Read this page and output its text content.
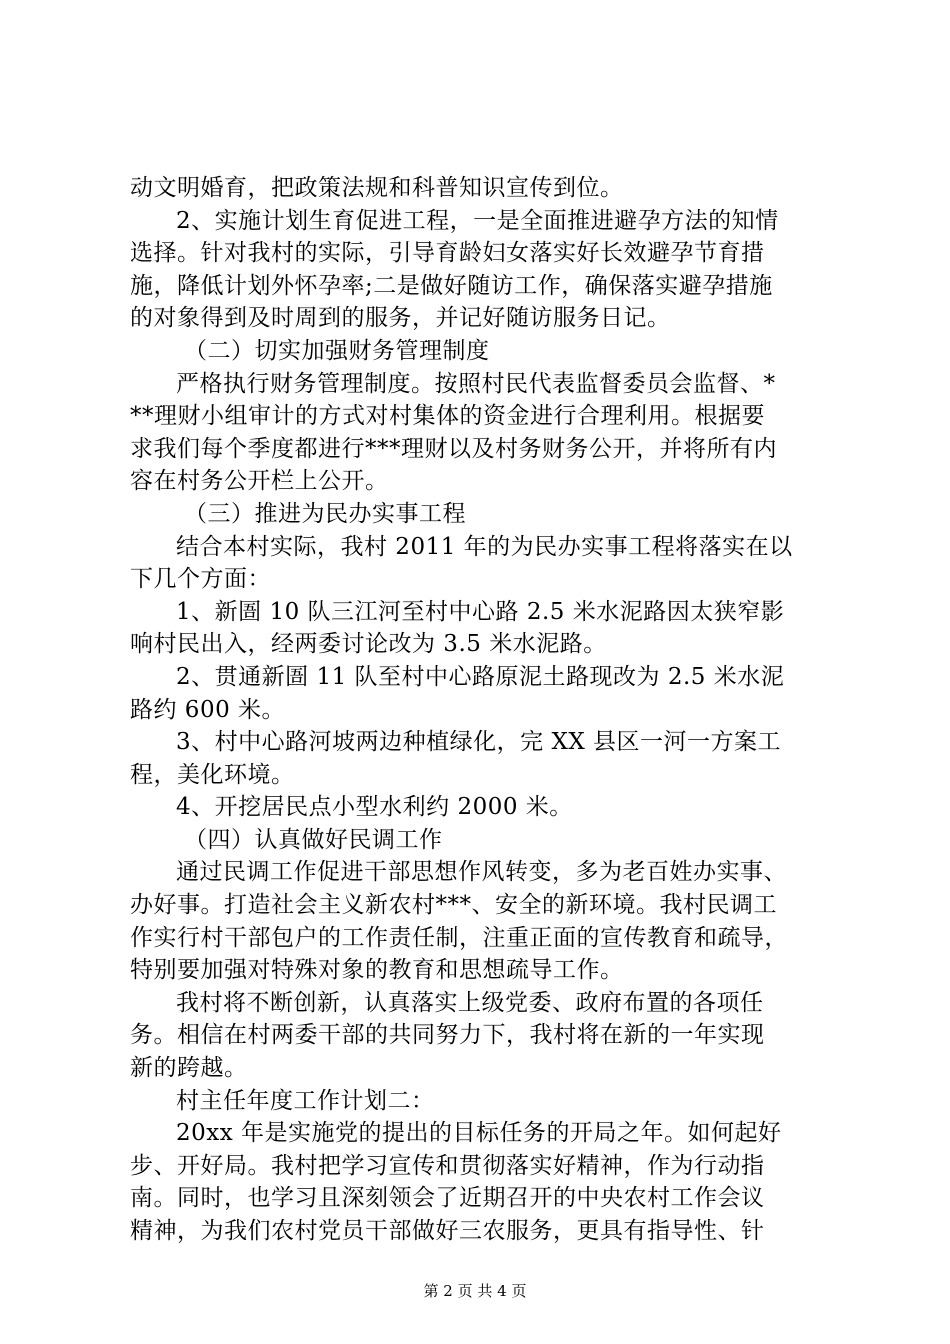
动文明婚育，把政策法规和科普知识宣传到位。
2、实施计划生育促进工程，一是全面推进避孕方法的知情
选择。针对我村的实际，引导育龄妇女落实好长效避孕节育措
施，降低计划外怀孕率;二是做好随访工作，确保落实避孕措施
的对象得到及时周到的服务，并记好随访服务日记。
（二）切实加强财务管理制度
严格执行财务管理制度。按照村民代表监督委员会监督、*
**理财小组审计的方式对村集体的资金进行合理利用。根据要
求我们每个季度都进行***理财以及村务财务公开，并将所有内
容在村务公开栏上公开。
（三）推进为民办实事工程
结合本村实际，我村 2011 年的为民办实事工程将落实在以
下几个方面：
1、新圄 10 队三江河至村中心路 2.5 米水泥路因太狭窄影
响村民出入，经两委讨论改为 3.5 米水泥路。
2、贯通新圄 11 队至村中心路原泥土路现改为 2.5 米水泥
路约 600 米。
3、村中心路河坡两边种植绿化，完 XX 县区一河一方案工
程，美化环境。
4、开挖居民点小型水利约 2000 米。
（四）认真做好民调工作
通过民调工作促进干部思想作风转变，多为老百姓办实事、
办好事。打造社会主义新农村***、安全的新环境。我村民调工
作实行村干部包户的工作责任制，注重正面的宣传教育和疏导，
特别要加强对特殊对象的教育和思想疏导工作。
我村将不断创新，认真落实上级党委、政府布置的各项任
务。相信在村两委干部的共同努力下，我村将在新的一年实现
新的跨越。
村主任年度工作计划二：
20xx 年是实施党的提出的目标任务的开局之年。如何起好
步、开好局。我村把学习宣传和贯彻落实好精神，作为行动指
南。同时，也学习且深刻领会了近期召开的中央农村工作会议
精神，为我们农村党员干部做好三农服务，更具有指导性、针
第 2 页 共 4 页
